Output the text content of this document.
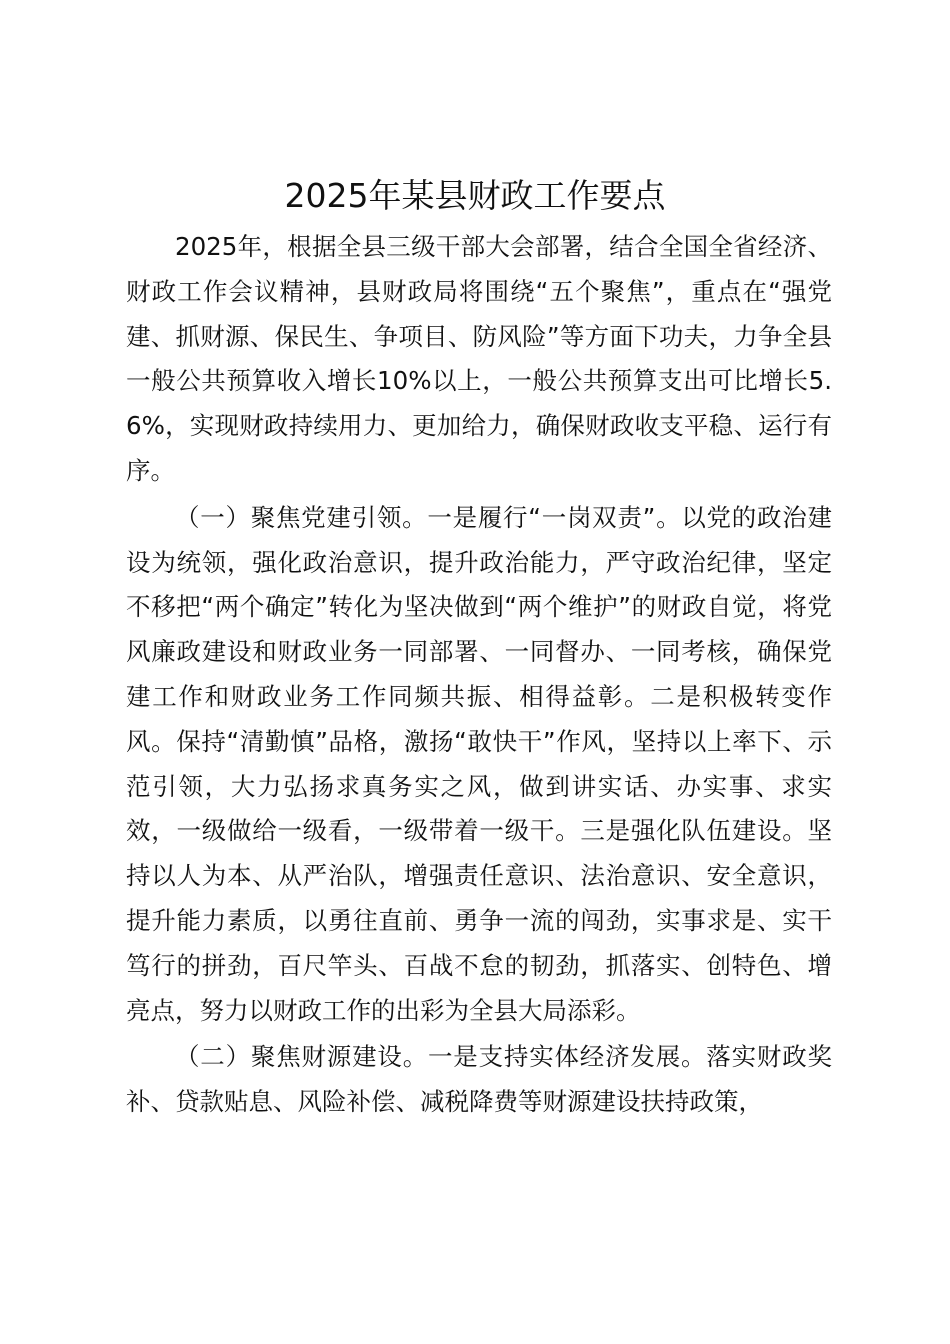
2025年某县财政工作要点

2025年，根据全县三级干部大会部署，结合全国全省经济、财政工作会议精神，县财政局将围绕“五个聚焦”，重点在“强党建、抓财源、保民生、争项目、防风险”等方面下功夫，力争全县一般公共预算收入增长10%以上，一般公共预算支出可比增长5.6%，实现财政持续用力、更加给力，确保财政收支平稳、运行有序。

（一）聚焦党建引领。一是履行“一岗双责”。以党的政治建设为统领，强化政治意识，提升政治能力，严守政治纪律，坚定不移把“两个确定”转化为坚决做到“两个维护”的财政自觉，将党风廉政建设和财政业务一同部署、一同督办、一同考核，确保党建工作和财政业务工作同频共振、相得益彰。二是积极转变作风。保持“清勤慎”品格，激扬“敢快干”作风，坚持以上率下、示范引领，大力弘扬求真务实之风，做到讲实话、办实事、求实效，一级做给一级看，一级带着一级干。三是强化队伍建设。坚持以人为本、从严治队，增强责任意识、法治意识、安全意识，提升能力素质，以勇往直前、勇争一流的闯劲，实事求是、实干笃行的拼劲，百尺竿头、百战不怠的韧劲，抓落实、创特色、增亮点，努力以财政工作的出彩为全县大局添彩。

（二）聚焦财源建设。一是支持实体经济发展。落实财政奖补、贷款贴息、风险补偿、减税降费等财源建设扶持政策，
